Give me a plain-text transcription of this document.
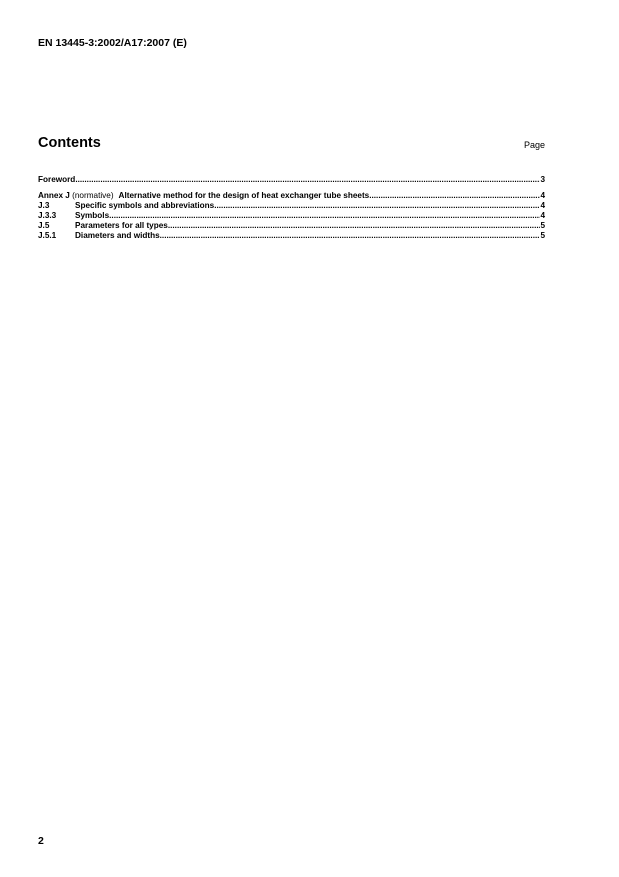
EN 13445-3:2002/A17:2007 (E)
Contents	Page
Foreword .....	3
Annex J (normative) Alternative method for the design of heat exchanger tube sheets .....	4
J.3	Specific symbols and abbreviations .....	4
J.3.3	Symbols .....	4
J.5	Parameters for all types .....	5
J.5.1	Diameters and widths .....	5
2
